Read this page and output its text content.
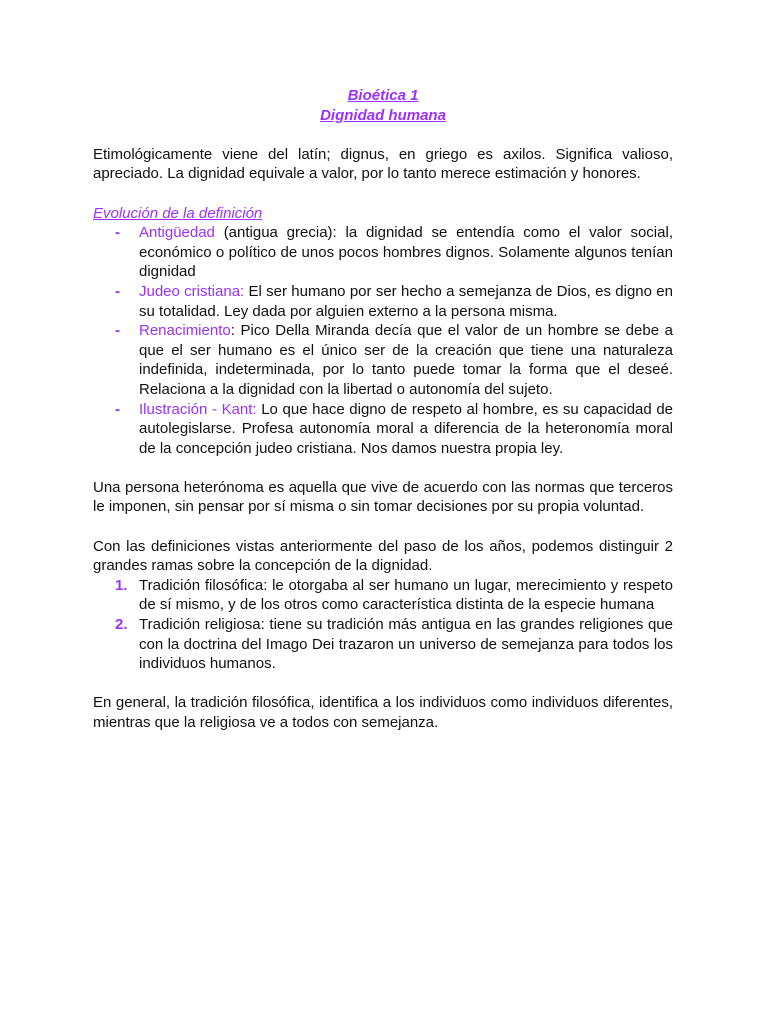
Bioética 1
Dignidad humana

Etimológicamente viene del latín; dignus, en griego es axilos. Significa valioso, apreciado. La dignidad equivale a valor, por lo tanto merece estimación y honores.

Evolución de la definición
- Antigüedad (antigua grecia): la dignidad se entendía como el valor social, económico o político de unos pocos hombres dignos. Solamente algunos tenían dignidad
- Judeo cristiana: El ser humano por ser hecho a semejanza de Dios, es digno en su totalidad. Ley dada por alguien externo a la persona misma.
- Renacimiento: Pico Della Miranda decía que el valor de un hombre se debe a que el ser humano es el único ser de la creación que tiene una naturaleza indefinida, indeterminada, por lo tanto puede tomar la forma que el deseé. Relaciona a la dignidad con la libertad o autonomía del sujeto.
- Ilustración - Kant: Lo que hace digno de respeto al hombre, es su capacidad de autolegislarse. Profesa autonomía moral a diferencia de la heteronomía moral de la concepción judeo cristiana. Nos damos nuestra propia ley.

Una persona heterónoma es aquella que vive de acuerdo con las normas que terceros le imponen, sin pensar por sí misma o sin tomar decisiones por su propia voluntad.

Con las definiciones vistas anteriormente del paso de los años, podemos distinguir 2 grandes ramas sobre la concepción de la dignidad.

1. Tradición filosófica: le otorgaba al ser humano un lugar, merecimiento y respeto de sí mismo, y de los otros como característica distinta de la especie humana
2. Tradición religiosa: tiene su tradición más antigua en las grandes religiones que con la doctrina del Imago Dei trazaron un universo de semejanza para todos los individuos humanos.

En general, la tradición filosófica, identifica a los individuos como individuos diferentes, mientras que la religiosa ve a todos con semejanza.
